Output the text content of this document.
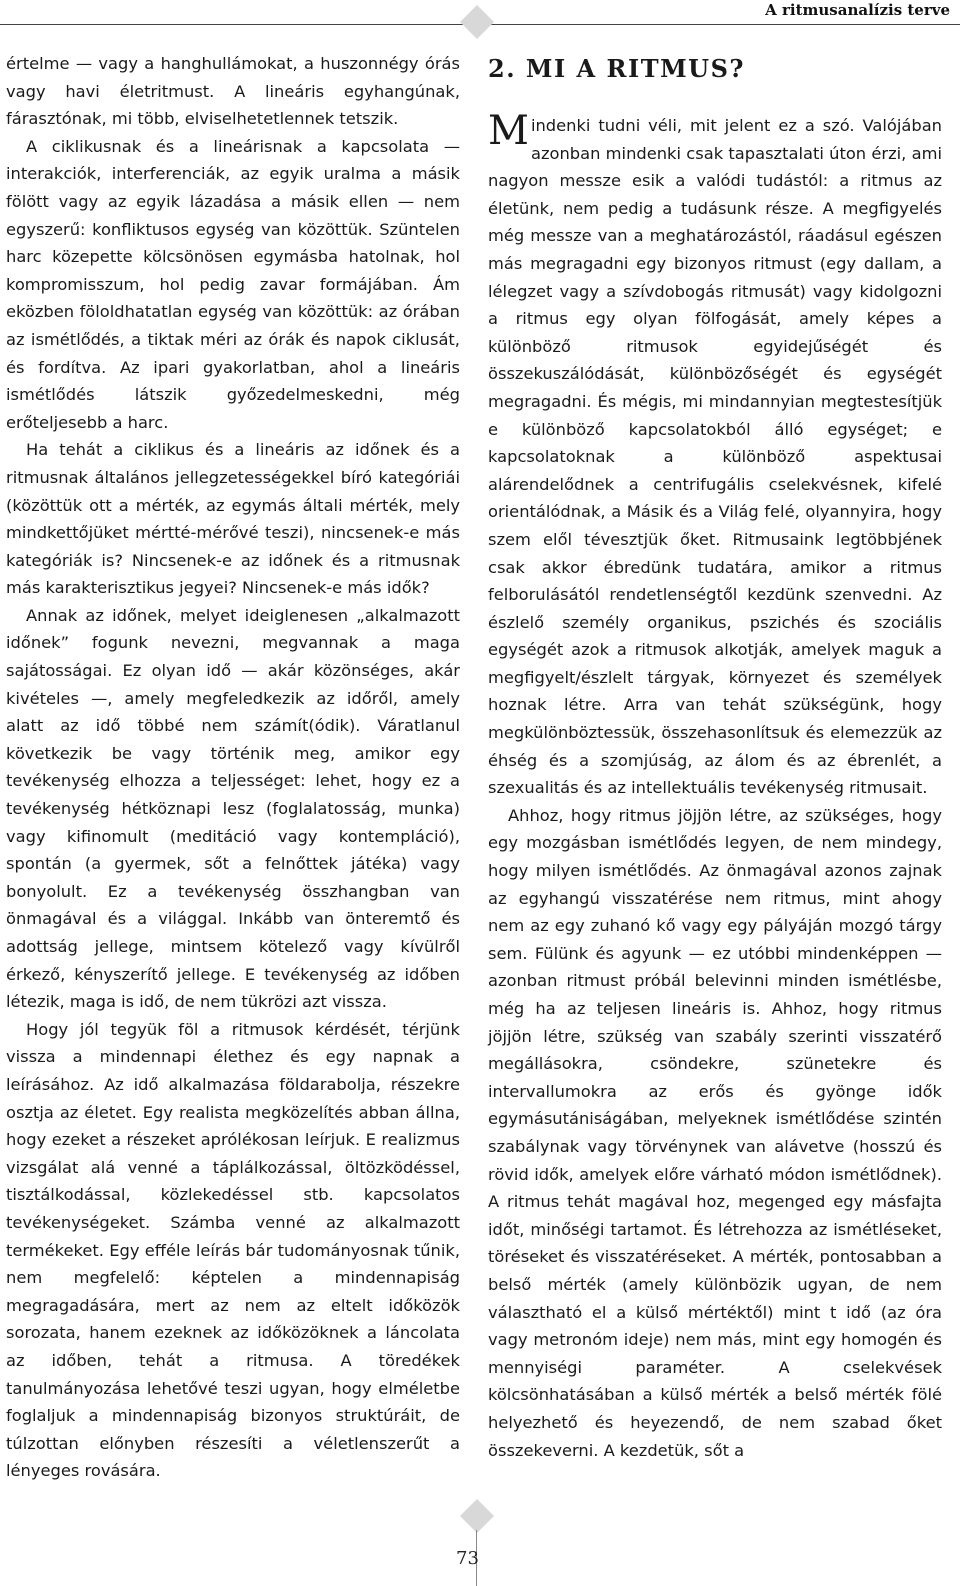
A ritmusanalízis terve

értelme — vagy a hanghullámokat, a huszonnégy órás vagy havi életritmust. A lineáris egyhangúnak, fárasztónak, mi több, elviselhetetlennek tetszik.

A ciklikusnak és a lineárisnak a kapcsolata — interakciók, interferenciák, az egyik uralma a másik fölött vagy az egyik lázadása a másik ellen — nem egyszerű: konfliktusos egység van közöttük. Szüntelen harc közepette kölcsönösen egymásba hatolnak, hol kompromisszum, hol pedig zavar formájában. Ám eközben föloldhatatlan egység van közöttük: az órában az ismétlődés, a tiktak méri az órák és napok ciklusát, és fordítva. Az ipari gyakorlatban, ahol a lineáris ismétlődés látszik győzedelmeskedni, még erőteljesebb a harc.

Ha tehát a ciklikus és a lineáris az időnek és a ritmusnak általános jellegzetességekkel bíró kategóriái (közöttük ott a mérték, az egymás általi mérték, mely mindkettőjüket mértté-mérővé teszi), nincsenek-e más kategóriák is? Nincsenek-e az időnek és a ritmusnak más karakterisztikus jegyei? Nincsenek-e más idők?

Annak az időnek, melyet ideiglenesen „alkalmazott időnek” fogunk nevezni, megvannak a maga sajátosságai. Ez olyan idő — akár közönséges, akár kivételes —, amely megfeledkezik az időről, amely alatt az idő többé nem számít(ódik). Váratlanul következik be vagy történik meg, amikor egy tevékenység elhozza a teljességet: lehet, hogy ez a tevékenység hétköznapi lesz (foglalatosság, munka) vagy kifinomult (meditáció vagy kontempláció), spontán (a gyermek, sőt a felnőttek játéka) vagy bonyolult. Ez a tevékenység összhangban van önmagával és a világgal. Inkább van önteremtő és adottság jellege, mintsem kötelező vagy kívülről érkező, kényszerítő jellege. E tevékenység az időben létezik, maga is idő, de nem tükrözi azt vissza.

Hogy jól tegyük föl a ritmusok kérdését, térjünk vissza a mindennapi élethez és egy napnak a leírásához. Az idő alkalmazása földarabolja, részekre osztja az életet. Egy realista megközelítés abban állna, hogy ezeket a részeket aprólékosan leírjuk. E realizmus vizsgálat alá venné a táplálkozással, öltözködéssel, tisztálkodással, közlekedéssel stb. kapcsolatos tevékenységeket. Számba venné az alkalmazott termékeket. Egy efféle leírás bár tudományosnak tűnik, nem megfelelő: képtelen a mindennapiság megragadására, mert az nem az eltelt időközök sorozata, hanem ezeknek az időközöknek a láncolata az időben, tehát a ritmusa. A töredékek tanulmányozása lehetővé teszi ugyan, hogy elméletbe foglaljuk a mindennapiság bizonyos struktúráit, de túlzottan előnyben részesíti a véletlenszerűt a lényeges rovására.

2. MI A RITMUS?

Mindenki tudni véli, mit jelent ez a szó. Valójában azonban mindenki csak tapasztalati úton érzi, ami nagyon messze esik a valódi tudástól: a ritmus az életünk, nem pedig a tudásunk része. A megfigyelés még messze van a meghatározástól, ráadásul egészen más megragadni egy bizonyos ritmust (egy dallam, a lélegzet vagy a szívdobogás ritmusát) vagy kidolgozni a ritmus egy olyan fölfogását, amely képes a különböző ritmusok egyidejűségét és összekuszálódását, különbözőségét és egységét megragadni. És mégis, mi mindannyian megtestesítjük e különböző kapcsolatokból álló egységet; e kapcsolatoknak a különböző aspektusai alárendelődnek a centrifugális cselekvésnek, kifelé orientálódnak, a Másik és a Világ felé, olyannyira, hogy szem elől tévesztjük őket. Ritmusaink legtöbbjének csak akkor ébredünk tudatára, amikor a ritmus felborulásától rendetlenségtől kezdünk szenvedni. Az észlelő személy organikus, pszichés és szociális egységét azok a ritmusok alkotják, amelyek maguk a megfigyelt/észlelt tárgyak, környezet és személyek hoznak létre. Arra van tehát szükségünk, hogy megkülönböztessük, összehasonlítsuk és elemezzük az éhség és a szomjúság, az álom és az ébrenlét, a szexualitás és az intellektuális tevékenység ritmusait.

Ahhoz, hogy ritmus jöjjön létre, az szükséges, hogy egy mozgásban ismétlődés legyen, de nem mindegy, hogy milyen ismétlődés. Az önmagával azonos zajnak az egyhangú visszatérése nem ritmus, mint ahogy nem az egy zuhanó kő vagy egy pályáján mozgó tárgy sem. Fülünk és agyunk — ez utóbbi mindenképpen — azonban ritmust próbál belevinni minden ismétlésbe, még ha az teljesen lineáris is. Ahhoz, hogy ritmus jöjjön létre, szükség van szabály szerinti visszatérő megállásokra, csöndekre, szünetekre és intervallumokra az erős és gyönge idők egymásutániságában, melyeknek ismétlődése szintén szabálynak vagy törvénynek van alávetve (hosszú és rövid idők, amelyek előre várható módon ismétlődnek). A ritmus tehát magával hoz, megenged egy másfajta időt, minőségi tartamot. És létrehozza az ismétléseket, töréseket és visszatéréseket. A mérték, pontosabban a belső mérték (amely különbözik ugyan, de nem választható el a külső mértéktől) mint t idő (az óra vagy metronóm ideje) nem más, mint egy homogén és mennyiségi paraméter. A cselekvések kölcsönhatásában a külső mérték a belső mérték fölé helyezhető és heyezendő, de nem szabad őket összekeverni. A kezdetük, sőt a

73
